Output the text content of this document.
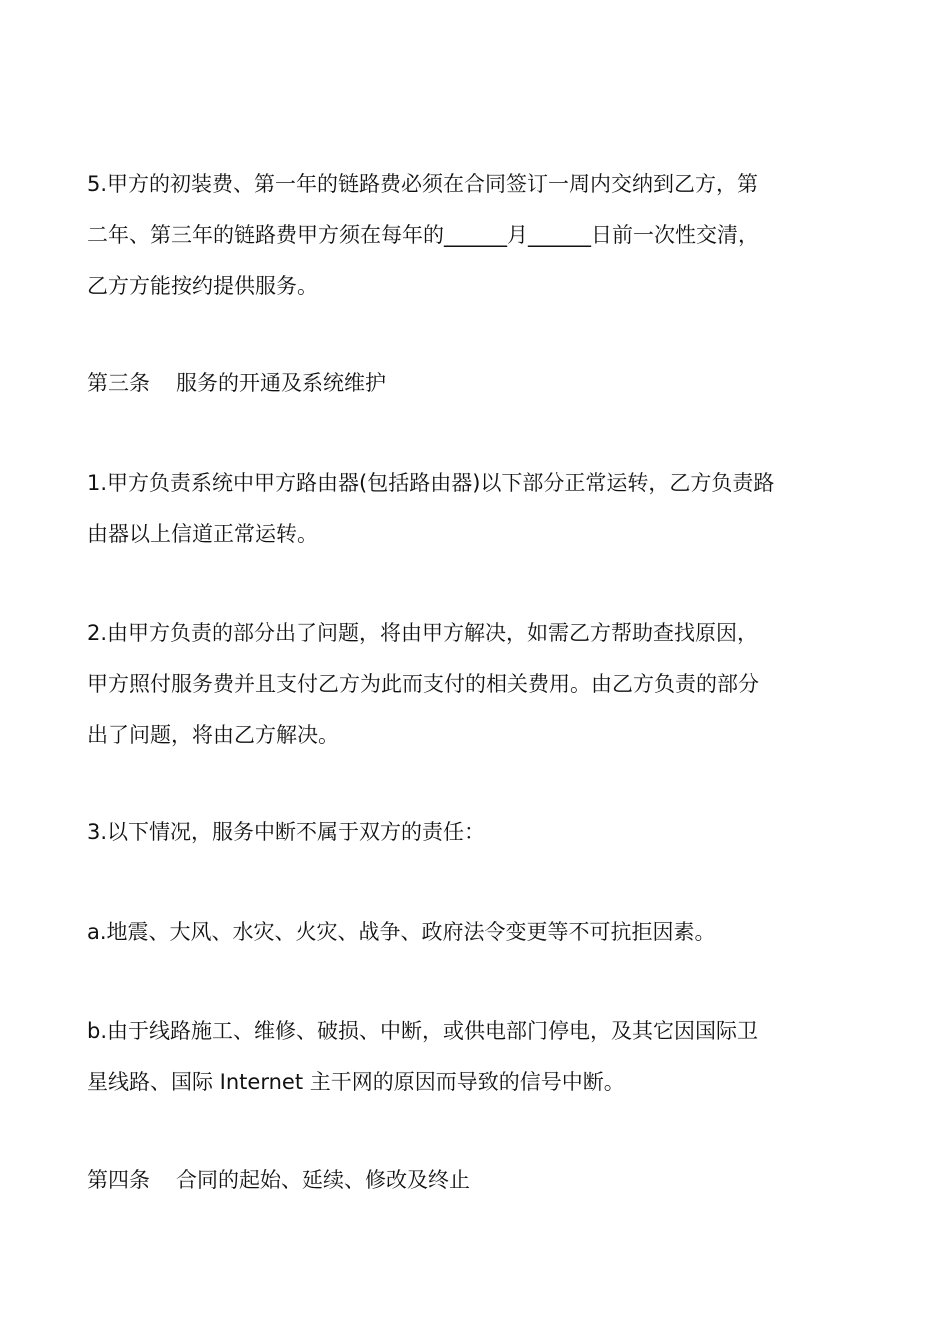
5.甲方的初装费、第一年的链路费必须在合同签订一周内交纳到乙方，第
二年、第三年的链路费甲方须在每年的______月______日前一次性交清，
乙方方能按约提供服务。

第三条 服务的开通及系统维护

1.甲方负责系统中甲方路由器(包括路由器)以下部分正常运转，乙方负责路
由器以上信道正常运转。

2.由甲方负责的部分出了问题，将由甲方解决，如需乙方帮助查找原因，
甲方照付服务费并且支付乙方为此而支付的相关费用。由乙方负责的部分
出了问题，将由乙方解决。

3.以下情况，服务中断不属于双方的责任：

a.地震、大风、水灾、火灾、战争、政府法令变更等不可抗拒因素。

b.由于线路施工、维修、破损、中断，或供电部门停电，及其它因国际卫
星线路、国际 Internet 主干网的原因而导致的信号中断。

第四条 合同的起始、延续、修改及终止
